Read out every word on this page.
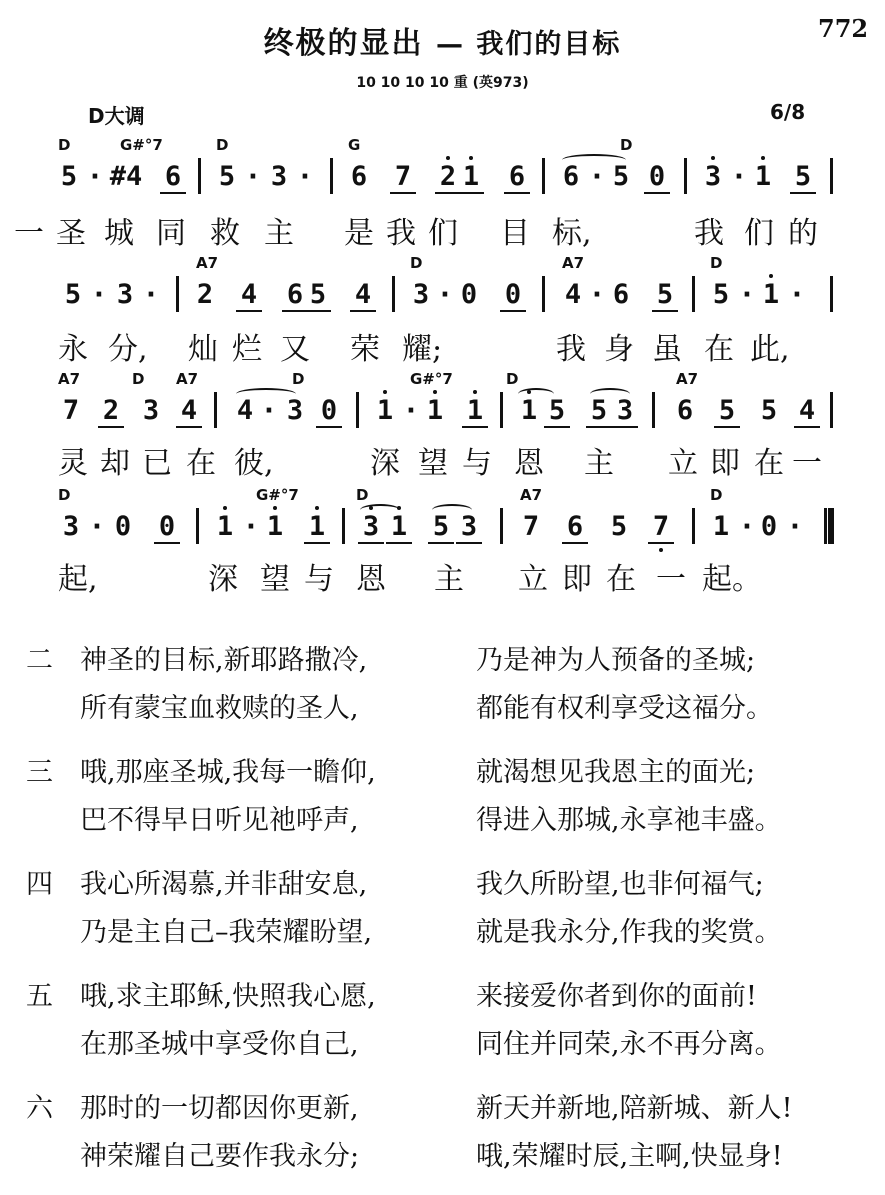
终极的显出 — 我们的目标
772
10 10 10 10 重 (英973)
D大调	6/8
D	G#°7	D	G	D
5 · #4 6 5 · 3 · 6 7 2 1 6 6 · 5 0 3 · 1 5
一 圣 城 同 救 主 是 我 们 目 标,	我 们 的
A7	D	A7	D
5 · 3 · 2 4 6 5 4 3 · 0 0 4 · 6 5 5 · 1 ·
永 分, 灿 烂 又 荣 耀;	我 身 虽 在 此,
A7	D A7	D	G#°7	D	A7
7 2 3 4 4 · 3 0 1 · 1 1 1 5 5 3 6 5 5 4
灵 却 已 在 彼,	深 望 与 恩 主 立 即 在 一
D	G#°7	D	A7	D
3 · 0 0 1 · 1 1 3 1 5 3 7 6 5 7 1 · 0 ·
起,	深 望 与 恩 主 立 即 在 一 起。
二 神圣的目标,新耶路撒冷,	乃是神为人预备的圣城;
所有蒙宝血救赎的圣人,	都能有权利享受这福分。
三 哦,那座圣城,我每一瞻仰,	就渴想见我恩主的面光;
巴不得早日听见祂呼声,	得进入那城,永享祂丰盛。
四 我心所渴慕,并非甜安息,	我久所盼望,也非何福气;
乃是主自己–我荣耀盼望,	就是我永分,作我的奖赏。
五 哦,求主耶稣,快照我心愿,	来接爱你者到你的面前!
在那圣城中享受你自己,	同住并同荣,永不再分离。
六 那时的一切都因你更新,	新天并新地,陪新城、新人!
神荣耀自己要作我永分;	哦,荣耀时辰,主啊,快显身!
